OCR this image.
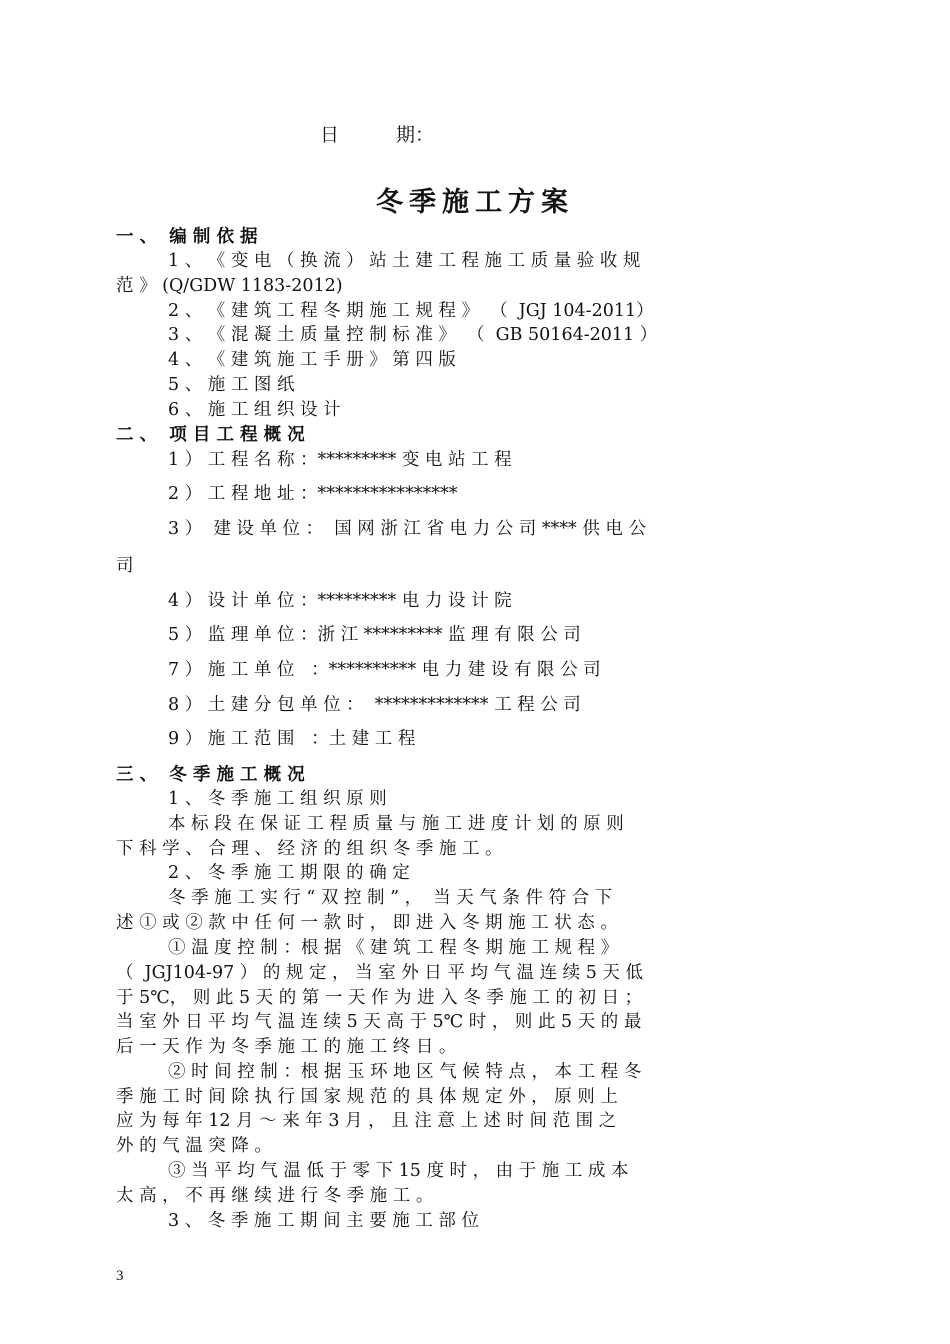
日　　　期：
冬季施工方案
一 、  编 制 依 据
1 、 《 变 电 （ 换 流 ） 站 土 建 工 程 施 工 质 量 验 收 规
范 》 (Q/GDW 1183-2012)
2 、 《 建 筑 工 程 冬 期 施 工 规 程 》  （  JGJ 104-2011）
3 、 《 混 凝 土 质 量 控 制 标 准 》  （  GB 50164-2011 ）
4 、 《 建 筑 施 工 手 册 》 第 四 版
5 、 施 工 图 纸
6 、 施 工 组 织 设 计
二 、  项 目 工 程 概 况
1 ） 工 程 名 称 ：********* 变 电 站 工 程
2 ） 工 程 地 址 ：****************
3 ）  建 设 单 位 ：  国 网 浙 江 省 电 力 公 司 **** 供 电 公
司
4 ） 设 计 单 位 ：********* 电 力 设 计 院
5 ） 监 理 单 位 ：浙 江 ********* 监 理 有 限 公 司
7 ） 施 工 单 位   ：********** 电 力 建 设 有 限 公 司
8 ） 土 建 分 包 单 位 ：  ************* 工 程 公 司
9 ） 施 工 范 围   ：土 建 工 程
三 、  冬 季 施 工 概 况
1 、 冬 季 施 工 组 织 原 则
本 标 段 在 保 证 工 程 质 量 与 施 工 进 度 计 划 的 原 则
下 科 学 、 合 理 、 经 济 的 组 织 冬 季 施 工 。
2 、 冬 季 施 工 期 限 的 确 定
冬 季 施 工 实 行 “ 双 控 制 ” ，  当 天 气 条 件 符 合 下
述 ① 或 ② 款 中 任 何 一 款 时 ， 即 进 入 冬 期 施 工 状 态 。
① 温 度 控 制 ：根 据 《 建 筑 工 程 冬 期 施 工 规 程 》
（  JGJ104-97 ） 的 规 定 ， 当 室 外 日 平 均 气 温 连 续 5 天 低
于 5℃， 则 此 5 天 的 第 一 天 作 为 进 入 冬 季 施 工 的 初 日 ；
当 室 外 日 平 均 气 温 连 续 5 天 高 于 5℃ 时 ， 则 此 5 天 的 最
后 一 天 作 为 冬 季 施 工 的 施 工 终 日 。
② 时 间 控 制 ：根 据 玉 环 地 区 气 候 特 点 ， 本 工 程 冬
季 施 工 时 间 除 执 行 国 家 规 范 的 具 体 规 定 外 ， 原 则 上
应 为 每 年 12 月 ～ 来 年 3 月 ， 且 注 意 上 述 时 间 范 围 之
外 的 气 温 突 降 。
③ 当 平 均 气 温 低 于 零 下 15 度 时 ， 由 于 施 工 成 本
太 高 ， 不 再 继 续 进 行 冬 季 施 工 。
3 、 冬 季 施 工 期 间 主 要 施 工 部 位
3
